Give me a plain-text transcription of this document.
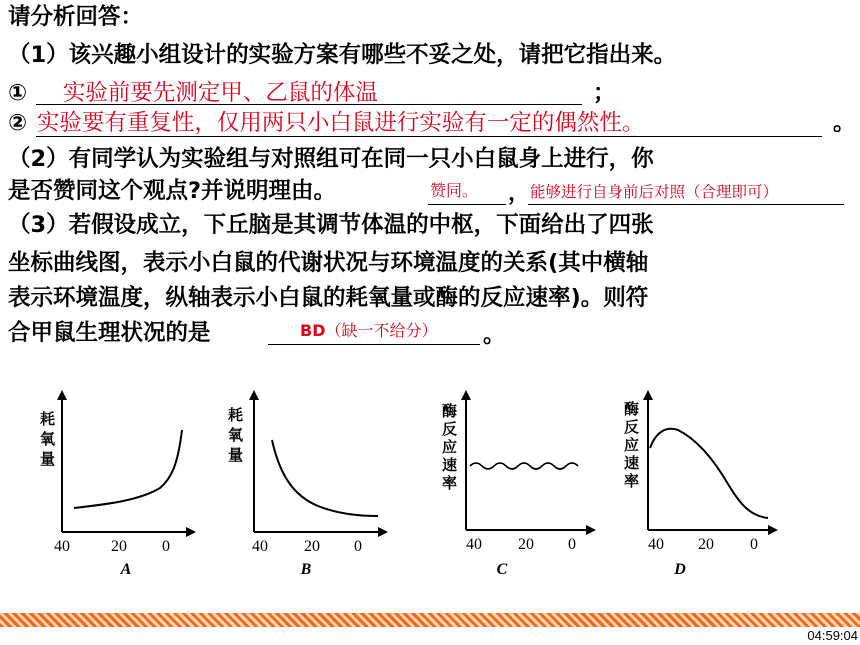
请分析回答：
（1）该兴趣小组设计的实验方案有哪些不妥之处，请把它指出来。
① 实验前要先测定甲、乙鼠的体温	；
② 实验要有重复性，仅用两只小白鼠进行实验有一定的偶然性。	。
（2）有同学认为实验组与对照组可在同一只小白鼠身上进行，你
是否赞同这个观点?并说明理由。	赞同。 ， 能够进行自身前后对照（合理即可）
（3）若假设成立，下丘脑是其调节体温的中枢，下面给出了四张
坐标曲线图，表示小白鼠的代谢状况与环境温度的关系(其中横轴
表示环境温度，纵轴表示小白鼠的耗氧量或酶的反应速率)。则符
合甲鼠生理状况的是	BD（缺一不给分） 。
耗
氧
量
40	20 0
A
耗
氧
量
40 20 0
B
酶
反
应
速
率
40 20 0
C
酶
反
应
速
率
40 20 0
D
04:59:04
